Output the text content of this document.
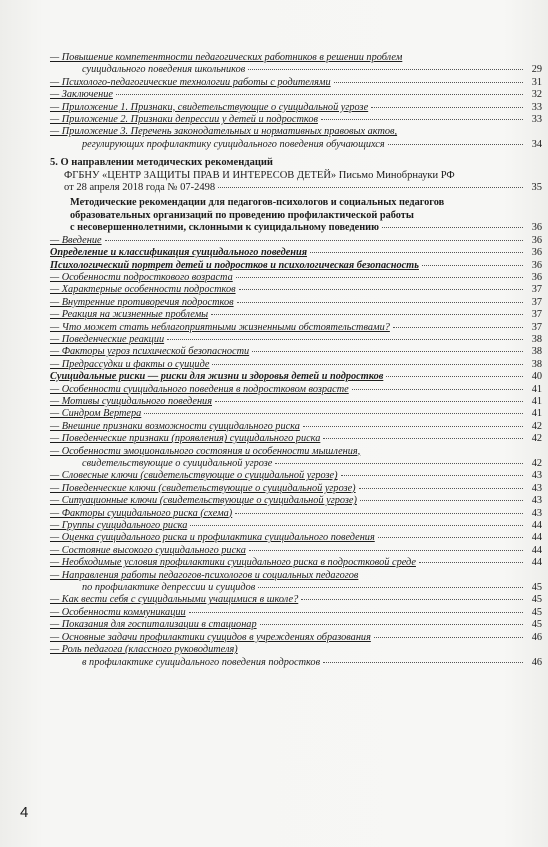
— Повышение компетентности педагогических работников в решении проблем
суицидального поведения школьников	29
— Психолого-педагогические технологии работы с родителями	31
— Заключение	32
— Приложение 1. Признаки, свидетельствующие о суицидальной угрозе	33
— Приложение 2. Признаки депрессии у детей и подростков	33
— Приложение 3. Перечень законодательных и нормативных правовых актов,
регулирующих профилактику суицидального поведения обучающихся	34
5. О направлении методических рекомендаций
ФГБНУ «ЦЕНТР ЗАЩИТЫ ПРАВ И ИНТЕРЕСОВ ДЕТЕЙ» Письмо Минобрнауки РФ
от 28 апреля 2018 года № 07-2498	35
Методические рекомендации для педагогов-психологов и социальных педагогов
образовательных организаций по проведению профилактической работы
с несовершеннолетними, склонными к суицидальному поведению	36
— Введение	36
Определение и классификация суицидального поведения	36
Психологический портрет детей и подростков и психологическая безопасность	36
— Особенности подросткового возраста	36
— Характерные особенности подростков	37
— Внутренние противоречия подростков	37
— Реакция на жизненные проблемы	37
— Что может стать неблагоприятными жизненными обстоятельствами?	37
— Поведенческие реакции	38
— Факторы угроз психической безопасности	38
— Предрассудки и факты о суициде	38
Суицидальные риски — риски для жизни и здоровья детей и подростков	40
— Особенности суицидального поведения в подростковом возрасте	41
— Мотивы суицидального поведения	41
— Синдром Вертера	41
— Внешние признаки возможности суицидального риска	42
— Поведенческие признаки (проявления) суицидального риска	42
— Особенности эмоционального состояния и особенности мышления,
свидетельствующие о суицидальной угрозе	42
— Словесные ключи (свидетельствующие о суицидальной угрозе)	43
— Поведенческие ключи (свидетельствующие о суицидальной угрозе)	43
— Ситуационные ключи (свидетельствующие о суицидальной угрозе)	43
— Факторы суицидального риска (схема)	43
— Группы суицидального риска	44
— Оценка суицидального риска и профилактика суицидального поведения	44
— Состояние высокого суицидального риска	44
— Необходимые условия профилактики суицидального риска в подростковой среде	44
— Направления работы педагогов-психологов и социальных педагогов
по профилактике депрессии и суицидов	45
— Как вести себя с суицидальными учащимися в школе?	45
— Особенности коммуникации	45
— Показания для госпитализации в стационар	45
— Основные задачи профилактики суицидов в учреждениях образования	46
— Роль педагога (классного руководителя)
в профилактике суицидального поведения подростков	46
4
